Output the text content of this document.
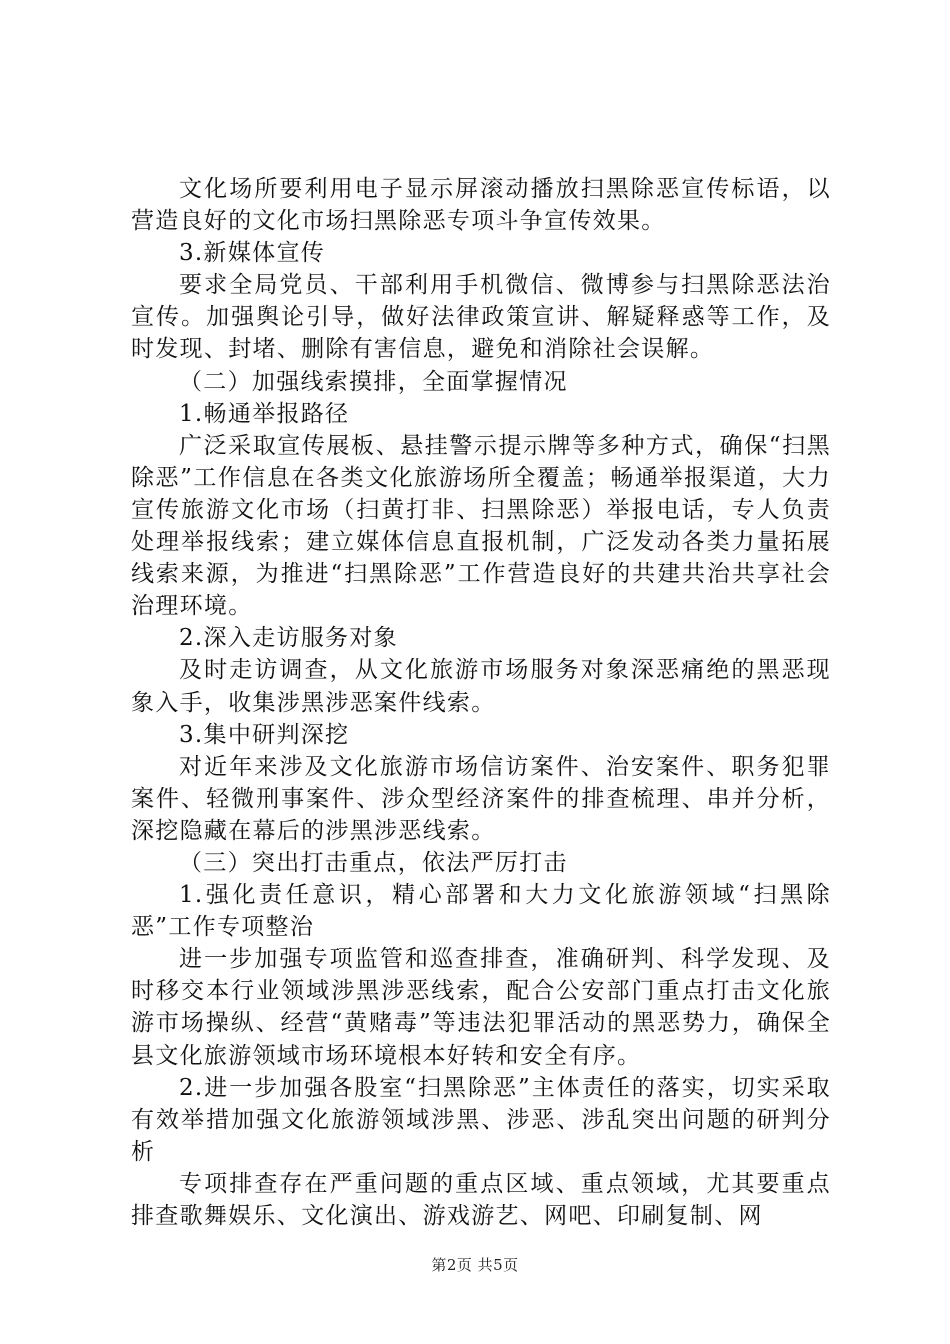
文化场所要利用电子显示屏滚动播放扫黑除恶宣传标语，以营造良好的文化市场扫黑除恶专项斗争宣传效果。

3.新媒体宣传

要求全局党员、干部利用手机微信、微博参与扫黑除恶法治宣传。加强舆论引导，做好法律政策宣讲、解疑释惑等工作，及时发现、封堵、删除有害信息，避免和消除社会误解。

（二）加强线索摸排，全面掌握情况

1.畅通举报路径

广泛采取宣传展板、悬挂警示提示牌等多种方式，确保“扫黑除恶”工作信息在各类文化旅游场所全覆盖；畅通举报渠道，大力宣传旅游文化市场（扫黄打非、扫黑除恶）举报电话，专人负责处理举报线索；建立媒体信息直报机制，广泛发动各类力量拓展线索来源，为推进“扫黑除恶”工作营造良好的共建共治共享社会治理环境。

2.深入走访服务对象

及时走访调查，从文化旅游市场服务对象深恶痛绝的黑恶现象入手，收集涉黑涉恶案件线索。

3.集中研判深挖

对近年来涉及文化旅游市场信访案件、治安案件、职务犯罪案件、轻微刑事案件、涉众型经济案件的排查梳理、串并分析，深挖隐藏在幕后的涉黑涉恶线索。

（三）突出打击重点，依法严厉打击

1.强化责任意识，精心部署和大力文化旅游领域“扫黑除恶”工作专项整治

进一步加强专项监管和巡查排查，准确研判、科学发现、及时移交本行业领域涉黑涉恶线索，配合公安部门重点打击文化旅游市场操纵、经营“黄赌毒”等违法犯罪活动的黑恶势力，确保全县文化旅游领域市场环境根本好转和安全有序。

2.进一步加强各股室“扫黑除恶”主体责任的落实，切实采取有效举措加强文化旅游领域涉黑、涉恶、涉乱突出问题的研判分析

专项排查存在严重问题的重点区域、重点领域，尤其要重点排查歌舞娱乐、文化演出、游戏游艺、网吧、印刷复制、网

第2页 共5页
